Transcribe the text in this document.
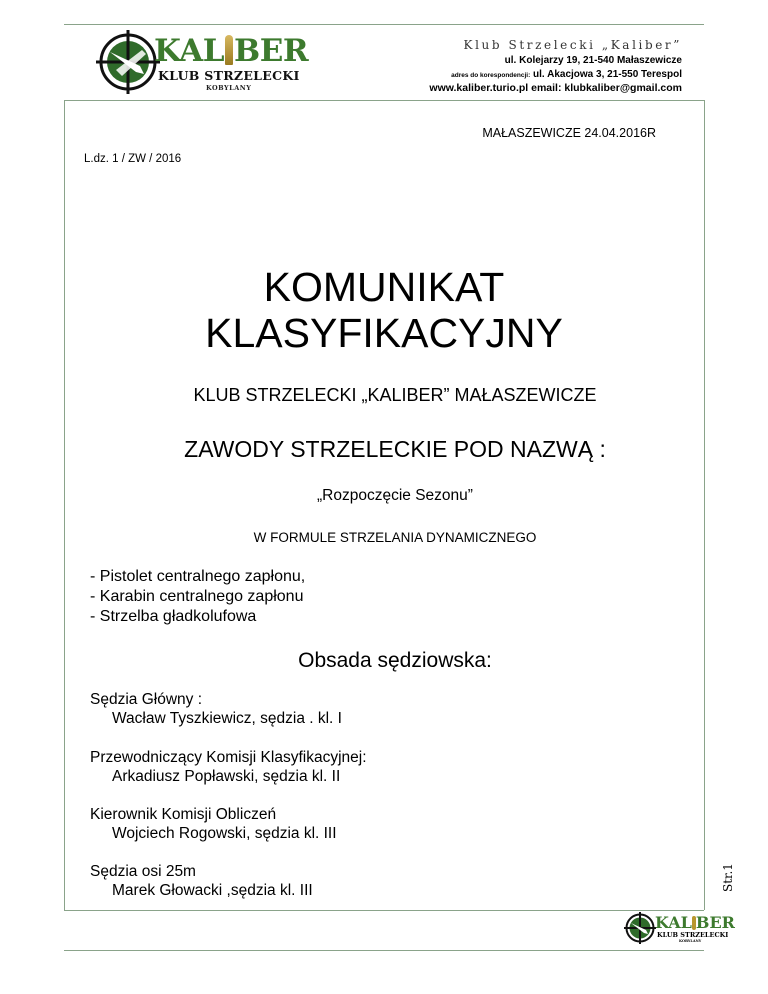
KAL BER
KLUB STRZELECKI
KOBYLANY
Klub Strzelecki „Kaliber”
ul. Kolejarzy 19, 21-540 Małaszewicze
adres do korespondencji: ul. Akacjowa 3, 21-550 Terespol
www.kaliber.turio.pl email: klubkaliber@gmail.com
MAŁASZEWICZE 24.04.2016R
L.dz. 1 / ZW / 2016
KOMUNIKAT
KLASYFIKACYJNY
KLUB STRZELECKI „KALIBER” MAŁASZEWICZE
ZAWODY STRZELECKIE POD NAZWĄ :
„Rozpoczęcie Sezonu”
W FORMULE STRZELANIA DYNAMICZNEGO
- Pistolet centralnego zapłonu,
- Karabin centralnego zapłonu
- Strzelba gładkolufowa
Obsada sędziowska:
Sędzia Główny :
Wacław Tyszkiewicz, sędzia . kl. I
Przewodniczący Komisji Klasyfikacyjnej:
Arkadiusz Popławski, sędzia kl. II
Kierownik Komisji Obliczeń
Wojciech Rogowski, sędzia kl. III
Sędzia osi 25m
Marek Głowacki ,sędzia kl. III	Str.1
KAL BER
KLUB STRZELECKI
KOBYLANY
